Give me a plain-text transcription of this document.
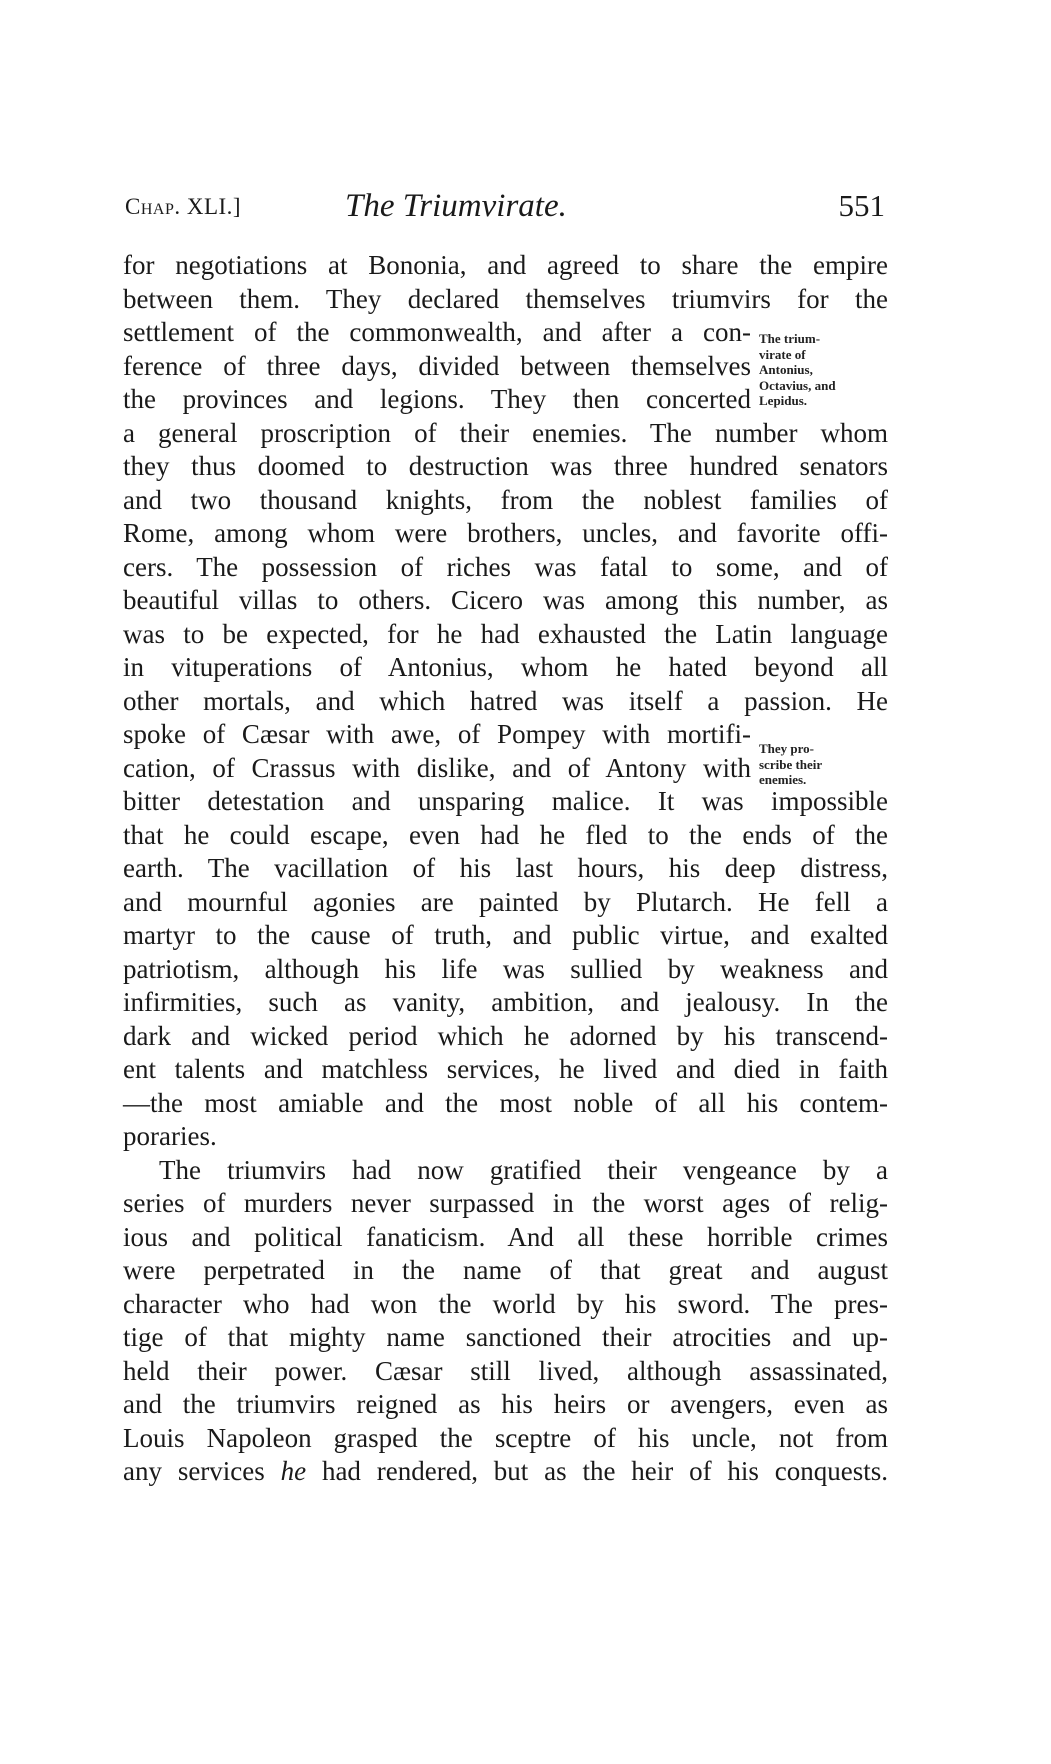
Chap. XLI.]	The Triumvirate.	551
for negotiations at Bononia, and agreed to share the empire
between them. They declared themselves triumvirs for the
settlement of the commonwealth, and after a con-
ference of three days, divided between themselves
the provinces and legions. They then concerted
a general proscription of their enemies. The number whom
they thus doomed to destruction was three hundred senators
and two thousand knights, from the noblest families of
Rome, among whom were brothers, uncles, and favorite offi-
cers. The possession of riches was fatal to some, and of
beautiful villas to others. Cicero was among this number, as
was to be expected, for he had exhausted the Latin language
in vituperations of Antonius, whom he hated beyond all
other mortals, and which hatred was itself a passion. He
spoke of Cæsar with awe, of Pompey with mortifi-
cation, of Crassus with dislike, and of Antony with
bitter detestation and unsparing malice. It was impossible
that he could escape, even had he fled to the ends of the
earth. The vacillation of his last hours, his deep distress,
and mournful agonies are painted by Plutarch. He fell a
martyr to the cause of truth, and public virtue, and exalted
patriotism, although his life was sullied by weakness and
infirmities, such as vanity, ambition, and jealousy. In the
dark and wicked period which he adorned by his transcend-
ent talents and matchless services, he lived and died in faith
—the most amiable and the most noble of all his contem-
poraries.
The triumvirs had now gratified their vengeance by a
series of murders never surpassed in the worst ages of relig-
ious and political fanaticism. And all these horrible crimes
were perpetrated in the name of that great and august
character who had won the world by his sword. The pres-
tige of that mighty name sanctioned their atrocities and up-
held their power. Cæsar still lived, although assassinated,
and the triumvirs reigned as his heirs or avengers, even as
Louis Napoleon grasped the sceptre of his uncle, not from
any services he had rendered, but as the heir of his conquests.
The trium-
virate of
Antonius,
Octavius, and
Lepidus.
They pro-
scribe their
enemies.
